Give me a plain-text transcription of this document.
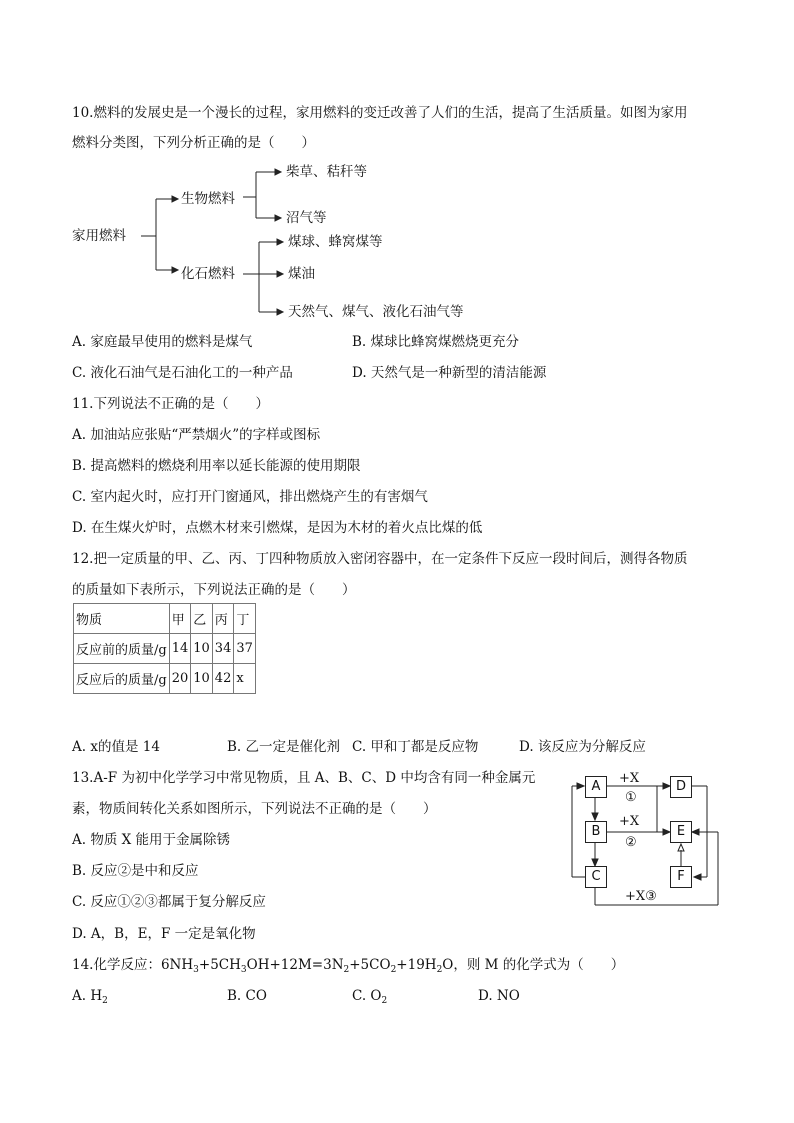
10.燃料的发展史是一个漫长的过程，家用燃料的变迁改善了人们的生活，提高了生活质量。如图为家用
燃料分类图，下列分析正确的是（　　）
家用燃料
生物燃料
化石燃料
柴草、秸秆等
沼气等
煤球、蜂窝煤等
煤油
天然气、煤气、液化石油气等
A. 家庭最早使用的燃料是煤气	B. 煤球比蜂窝煤燃烧更充分
C. 液化石油气是石油化工的一种产品	D. 天然气是一种新型的清洁能源
11.下列说法不正确的是（　　）
A. 加油站应张贴“严禁烟火”的字样或图标
B. 提高燃料的燃烧利用率以延长能源的使用期限
C. 室内起火时，应打开门窗通风，排出燃烧产生的有害烟气
D. 在生煤火炉时，点燃木材来引燃煤，是因为木材的着火点比煤的低
12.把一定质量的甲、乙、丙、丁四种物质放入密闭容器中，在一定条件下反应一段时间后，测得各物质
的质量如下表所示，下列说法正确的是（　　）
物质	甲	乙	丙	丁
反应前的质量/g	14	10	34	37
反应后的质量/g	20	10	42	x
A. x的值是 14	B. 乙一定是催化剂 C. 甲和丁都是反应物	D. 该反应为分解反应
13.A-F 为初中化学学习中常见物质，且 A、B、C、D 中均含有同一种金属元
素，物质间转化关系如图所示，下列说法不正确的是（　　）
A. 物质 X 能用于金属除锈
B. 反应②是中和反应
C. 反应①②③都属于复分解反应
D. A，B，E，F 一定是氧化物
A
B
C
D
E
F
+X
①
+X
②
+X③
14.化学反应：$6NH_3+5CH_3OH+12M=3N_2+5CO_2+19H_2O$，则 M 的化学式为（　　）
A. $H_2$	B. CO	C. $O_2$	D. NO
